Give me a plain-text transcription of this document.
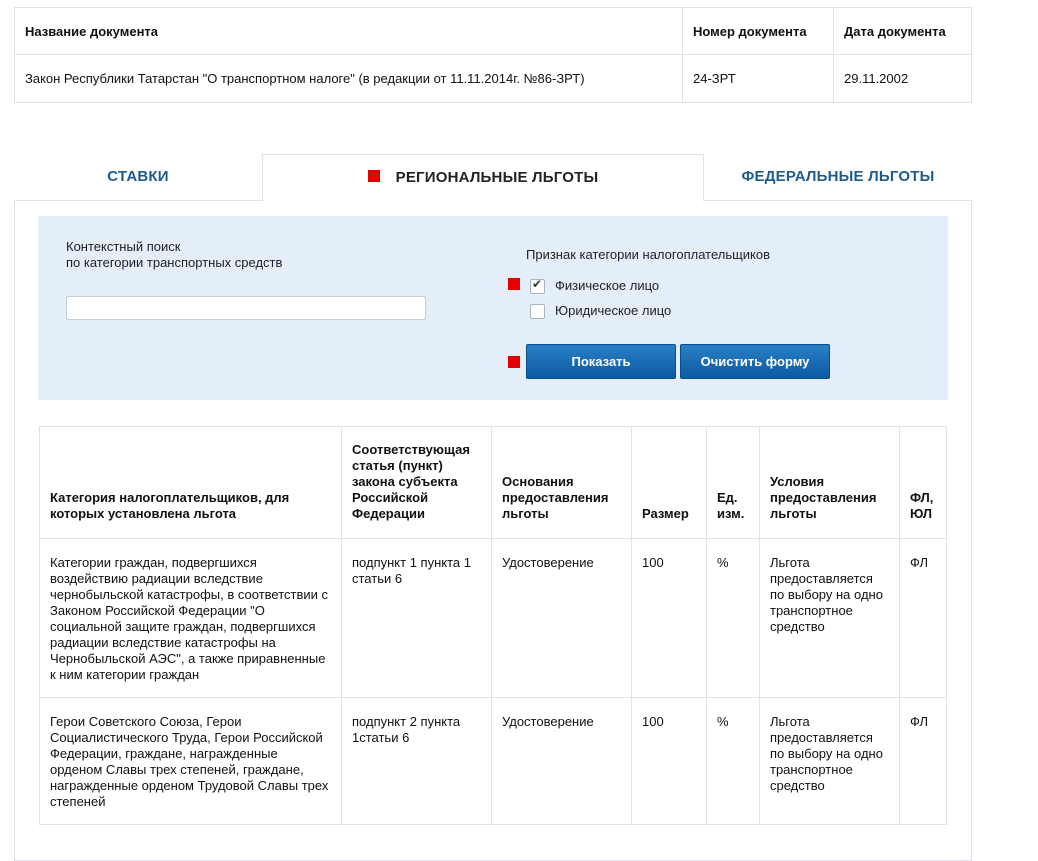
Название документа	Номер документа	Дата документа
Закон Республики Татарстан "О транспортном налоге" (в редакции от 11.11.2014г. №86-ЗРТ)	24-ЗРТ	29.11.2002
СТАВКИ	РЕГИОНАЛЬНЫЕ ЛЬГОТЫ	ФЕДЕРАЛЬНЫЕ ЛЬГОТЫ
Контекстный поиск
по категории транспортных средств
Признак категории налогоплательщиков
✔ Физическое лицо
Юридическое лицо
Показать	Очистить форму
Категория налогоплательщиков, для которых установлена льгота	Соответствующая статья (пункт) закона субъекта Российской Федерации	Основания предоставления льготы	Размер	Ед. изм.	Условия предоставления льготы	ФЛ, ЮЛ
Категории граждан, подвергшихся воздействию радиации вследствие чернобыльской катастрофы, в соответствии с Законом Российской Федерации "О социальной защите граждан, подвергшихся радиации вследствие катастрофы на Чернобыльской АЭС", а также приравненные к ним категории граждан	подпункт 1 пункта 1 статьи 6	Удостоверение	100	%	Льгота предоставляется по выбору на одно транспортное средство	ФЛ
Герои Советского Союза, Герои Социалистического Труда, Герои Российской Федерации, граждане, награжденные орденом Славы трех степеней, граждане, награжденные орденом Трудовой Славы трех степеней	подпункт 2 пункта 1статьи 6	Удостоверение	100	%	Льгота предоставляется по выбору на одно транспортное средство	ФЛ
